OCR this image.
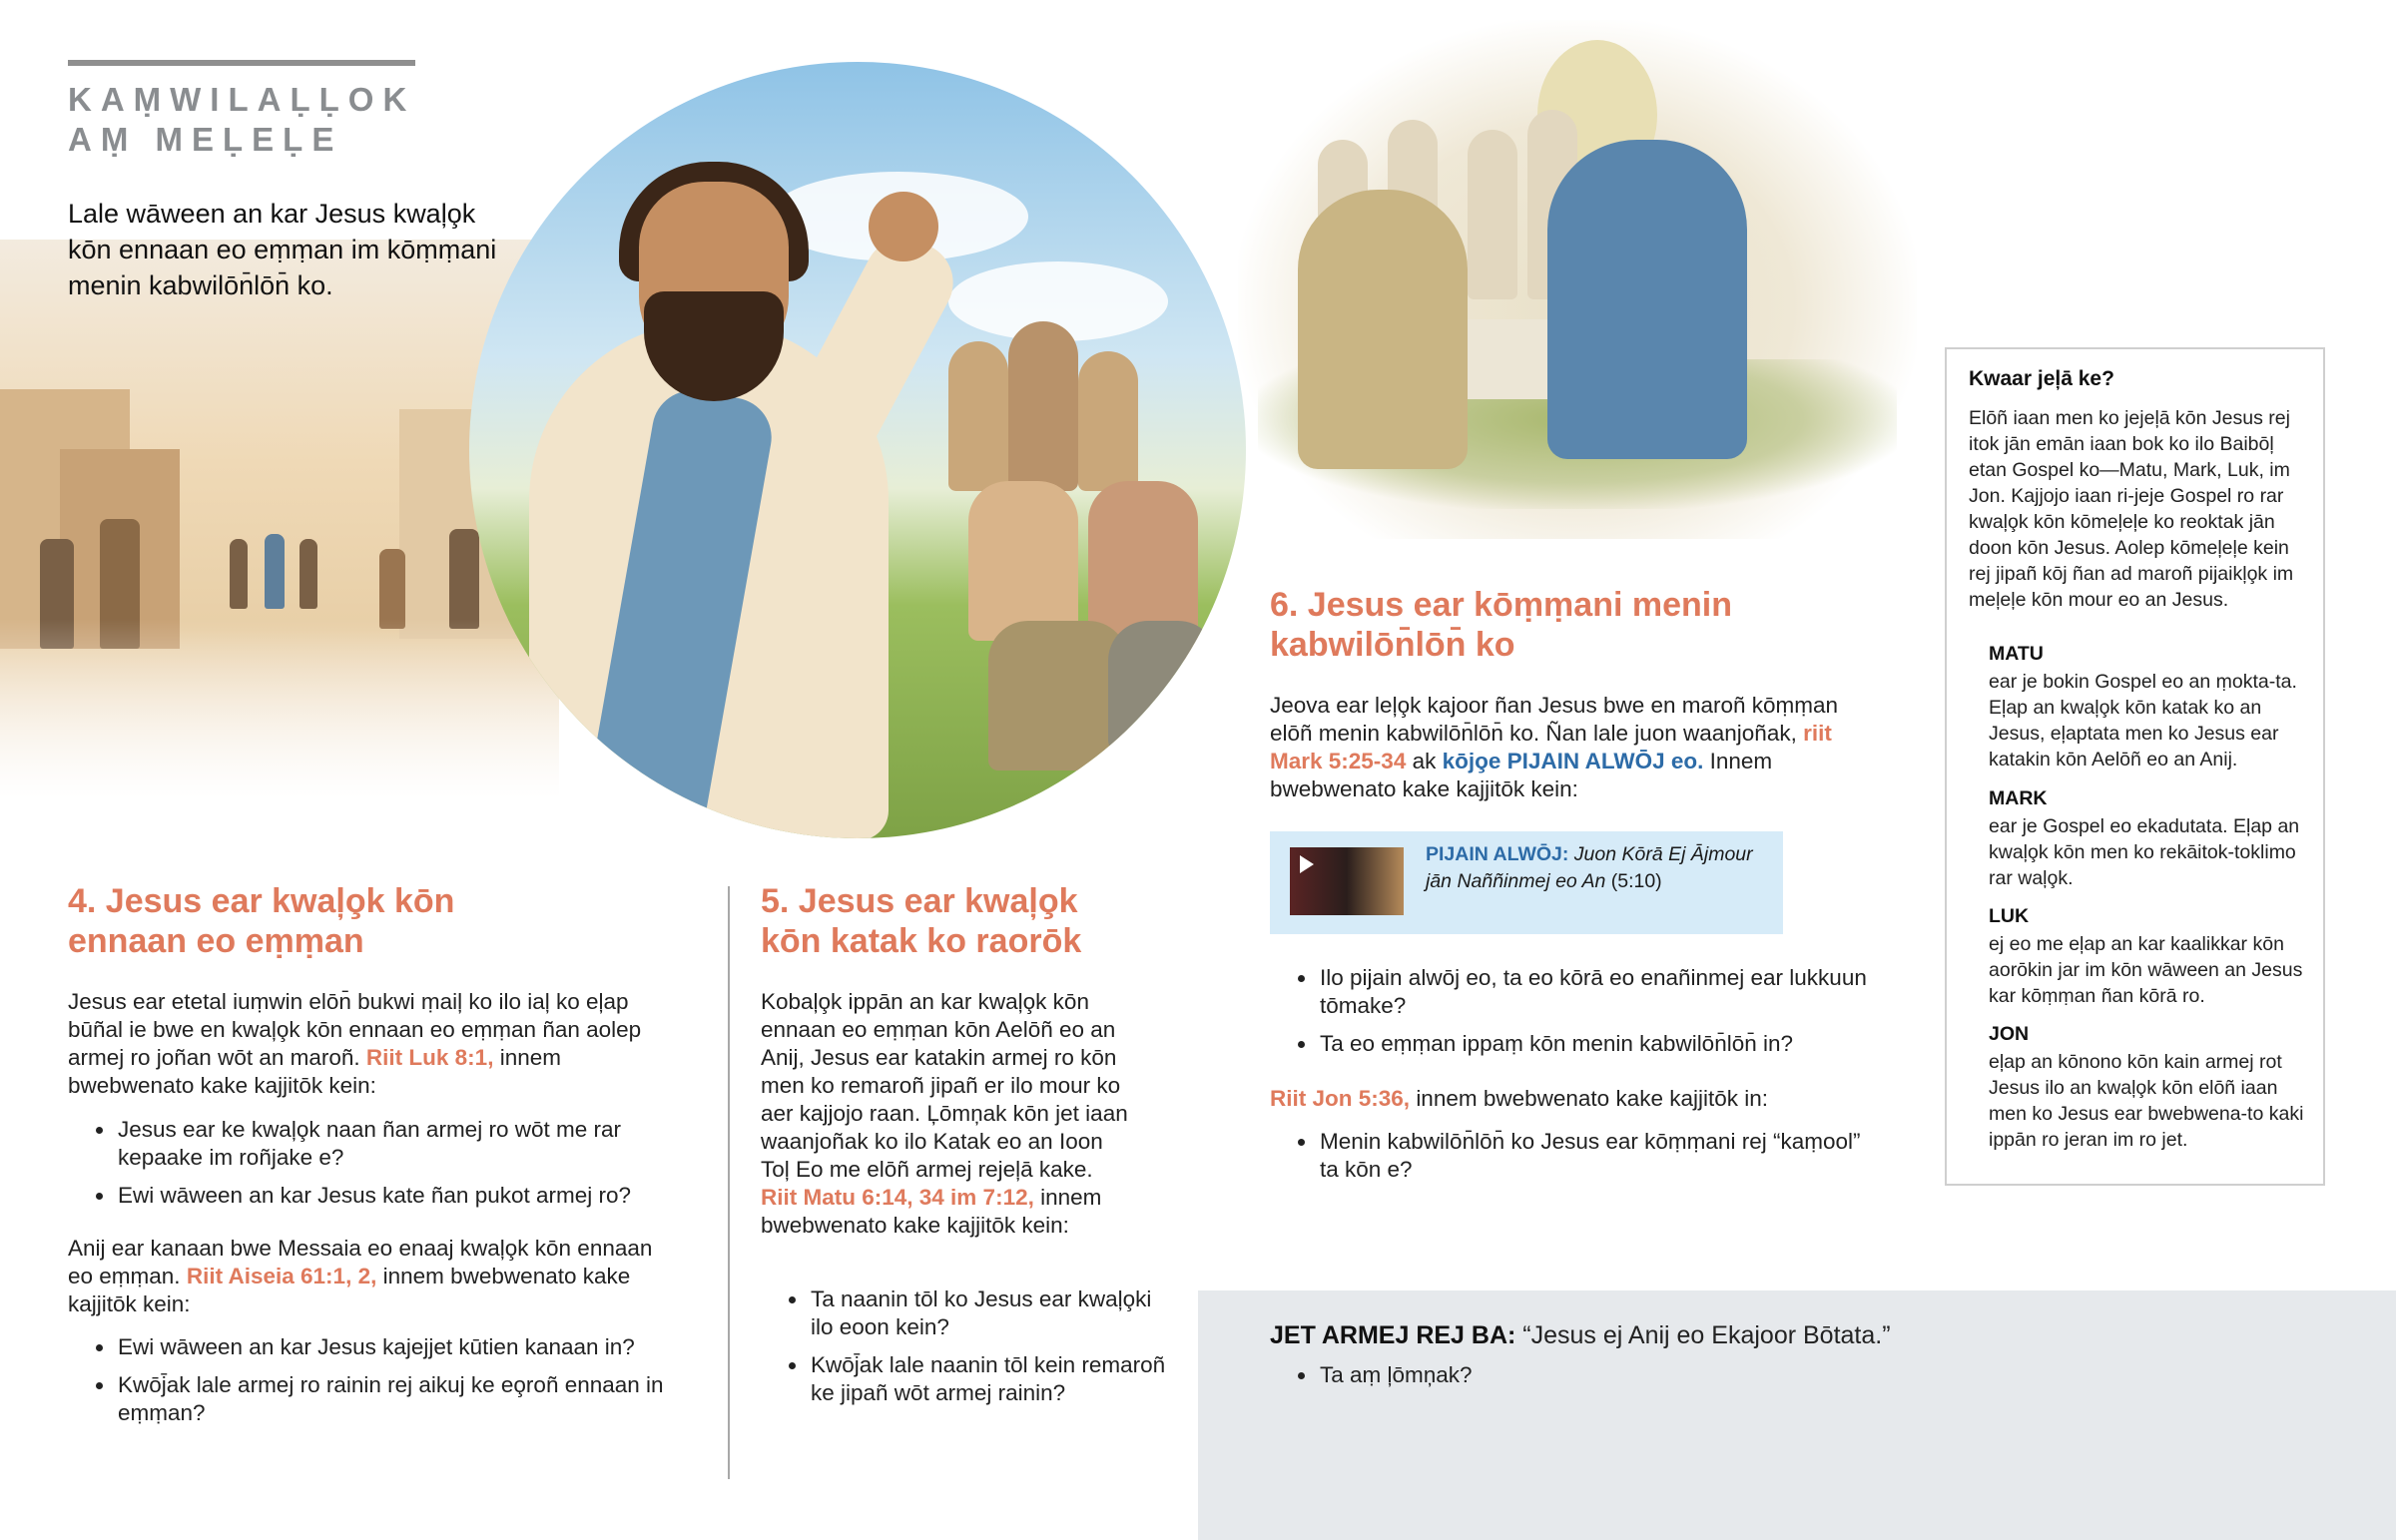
KAṂWILAḶḶOK
AṂ MEḶEḶE
Lale wāween an kar Jesus kwaļo̧k kōn ennaan eo eṃṃan im kōṃṃani menin kabwilōn̄lōn̄ ko.
4. Jesus ear kwaļo̧k kōn
ennaan eo eṃṃan

Jesus ear etetal iuṃwin elōn̄ bukwi ṃaiļ ko ilo iaļ ko eļap būñal ie bwe en kwaļo̧k kōn ennaan eo eṃṃan ñan aolep armej ro joñan wōt an maroñ. Riit Luk 8:1, innem bwebwenato kake kajjitōk kein:

• Jesus ear ke kwaļo̧k naan ñan armej ro wōt me rar kepaake im roñjake e?
• Ewi wāween an kar Jesus kate ñan pukot armej ro?

Anij ear kanaan bwe Messaia eo enaaj kwaļo̧k kōn ennaan eo eṃṃan. Riit Aiseia 61:1, 2, innem bwebwenato kake kajjitōk kein:

• Ewi wāween an kar Jesus kajejjet kūtien kanaan in?
• Kwōj̄ak lale armej ro rainin rej aikuj ke eo̧roñ ennaan in eṃṃan?
5. Jesus ear kwaļo̧k
kōn katak ko raorōk

Kobaļo̧k ippān an kar kwaļo̧k kōn ennaan eo eṃṃan kōn Aelōñ eo an Anij, Jesus ear katakin armej ro kōn men ko remaroñ jipañ er ilo mour ko aer kajjojo raan. Ļōmņak kōn jet iaan waanjoñak ko ilo Katak eo an Ioon Toļ Eo me elōñ armej rejeļā kake. Riit Matu 6:14, 34 im 7:12, innem bwebwenato kake kajjitōk kein:

• Ta naanin tōl ko Jesus ear kwaļo̧ki ilo eoon kein?
• Kwōj̄ak lale naanin tōl kein remaroñ ke jipañ wōt armej rainin?
6. Jesus ear kōṃṃani menin
kabwilōn̄lōn̄ ko

Jeova ear leļo̧k kajoor ñan Jesus bwe en maroñ kōṃṃan elōñ menin kabwilōn̄lōn̄ ko. Ñan lale juon waanjoñak, riit Mark 5:25-34 ak kōjo̧e PIJAIN ALWŌJ eo. Innem bwebwenato kake kajjitōk kein:

PIJAIN ALWŌJ: Juon Kōrā Ej Ājmour jān Naññinmej eo An (5:10)
• Ilo pijain alwōj eo, ta eo kōrā eo enañinmej ear lukkuun tōmake?
• Ta eo eṃṃan ippaṃ kōn menin kabwilōn̄lōn̄ in?

Riit Jon 5:36, innem bwebwenato kake kajjitōk in:

• Menin kabwilōn̄lōn̄ ko Jesus ear kōṃṃani rej “kaṃool” ta kōn e?
Kwaar jeļā ke?
Elōñ iaan men ko jejeļā kōn Jesus rej itok jān emān iaan bok ko ilo Baibōļ etan Gospel ko—Matu, Mark, Luk, im Jon. Kajjojo iaan ri-jeje Gospel ro rar kwaļo̧k kōn kōmeļeļe ko reoktak jān doon kōn Jesus. Aolep kōmeļeļe kein rej jipañ kōj ñan ad maroñ pijaikļo̧k im meļeļe kōn mour eo an Jesus.
MATU
ear je bokin Gospel eo an ṃokta-ta. Eļap an kwaļo̧k kōn katak ko an Jesus, eļaptata men ko Jesus ear katakin kōn Aelōñ eo an Anij.
MARK
ear je Gospel eo ekadutata. Eļap an kwaļo̧k kōn men ko rekāitok-toklimo rar waļo̧k.
LUK
ej eo me eļap an kar kaalikkar kōn aorōkin jar im kōn wāween an Jesus kar kōṃṃan ñan kōrā ro.
JON
eļap an kōnono kōn kain armej rot Jesus ilo an kwaļo̧k kōn elōñ iaan men ko Jesus ear bwebwena-to kaki ippān ro jeran im ro jet.
JET ARMEJ REJ BA: “Jesus ej Anij eo Ekajoor Bōtata.”
• Ta aṃ ļōmņak?
